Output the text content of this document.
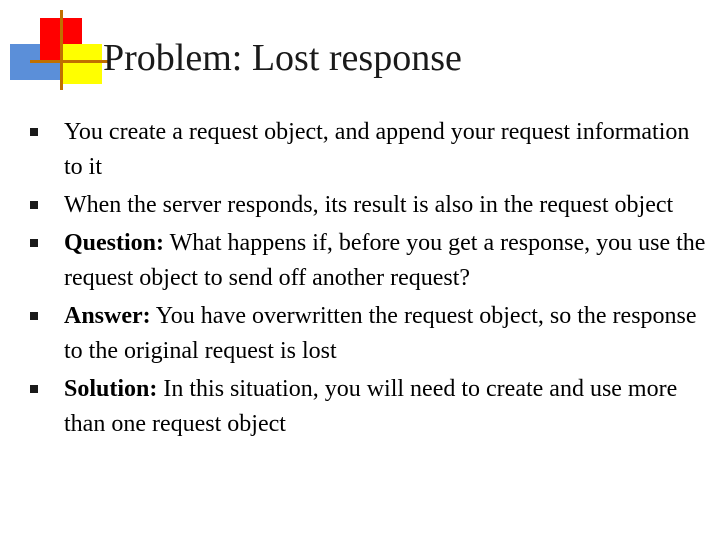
Problem: Lost response
You create a request object, and append your request information to it
When the server responds, its result is also in the request object
Question: What happens if, before you get a response, you use the request object to send off another request?
Answer: You have overwritten the request object, so the response to the original request is lost
Solution: In this situation, you will need to create and use more than one request object
